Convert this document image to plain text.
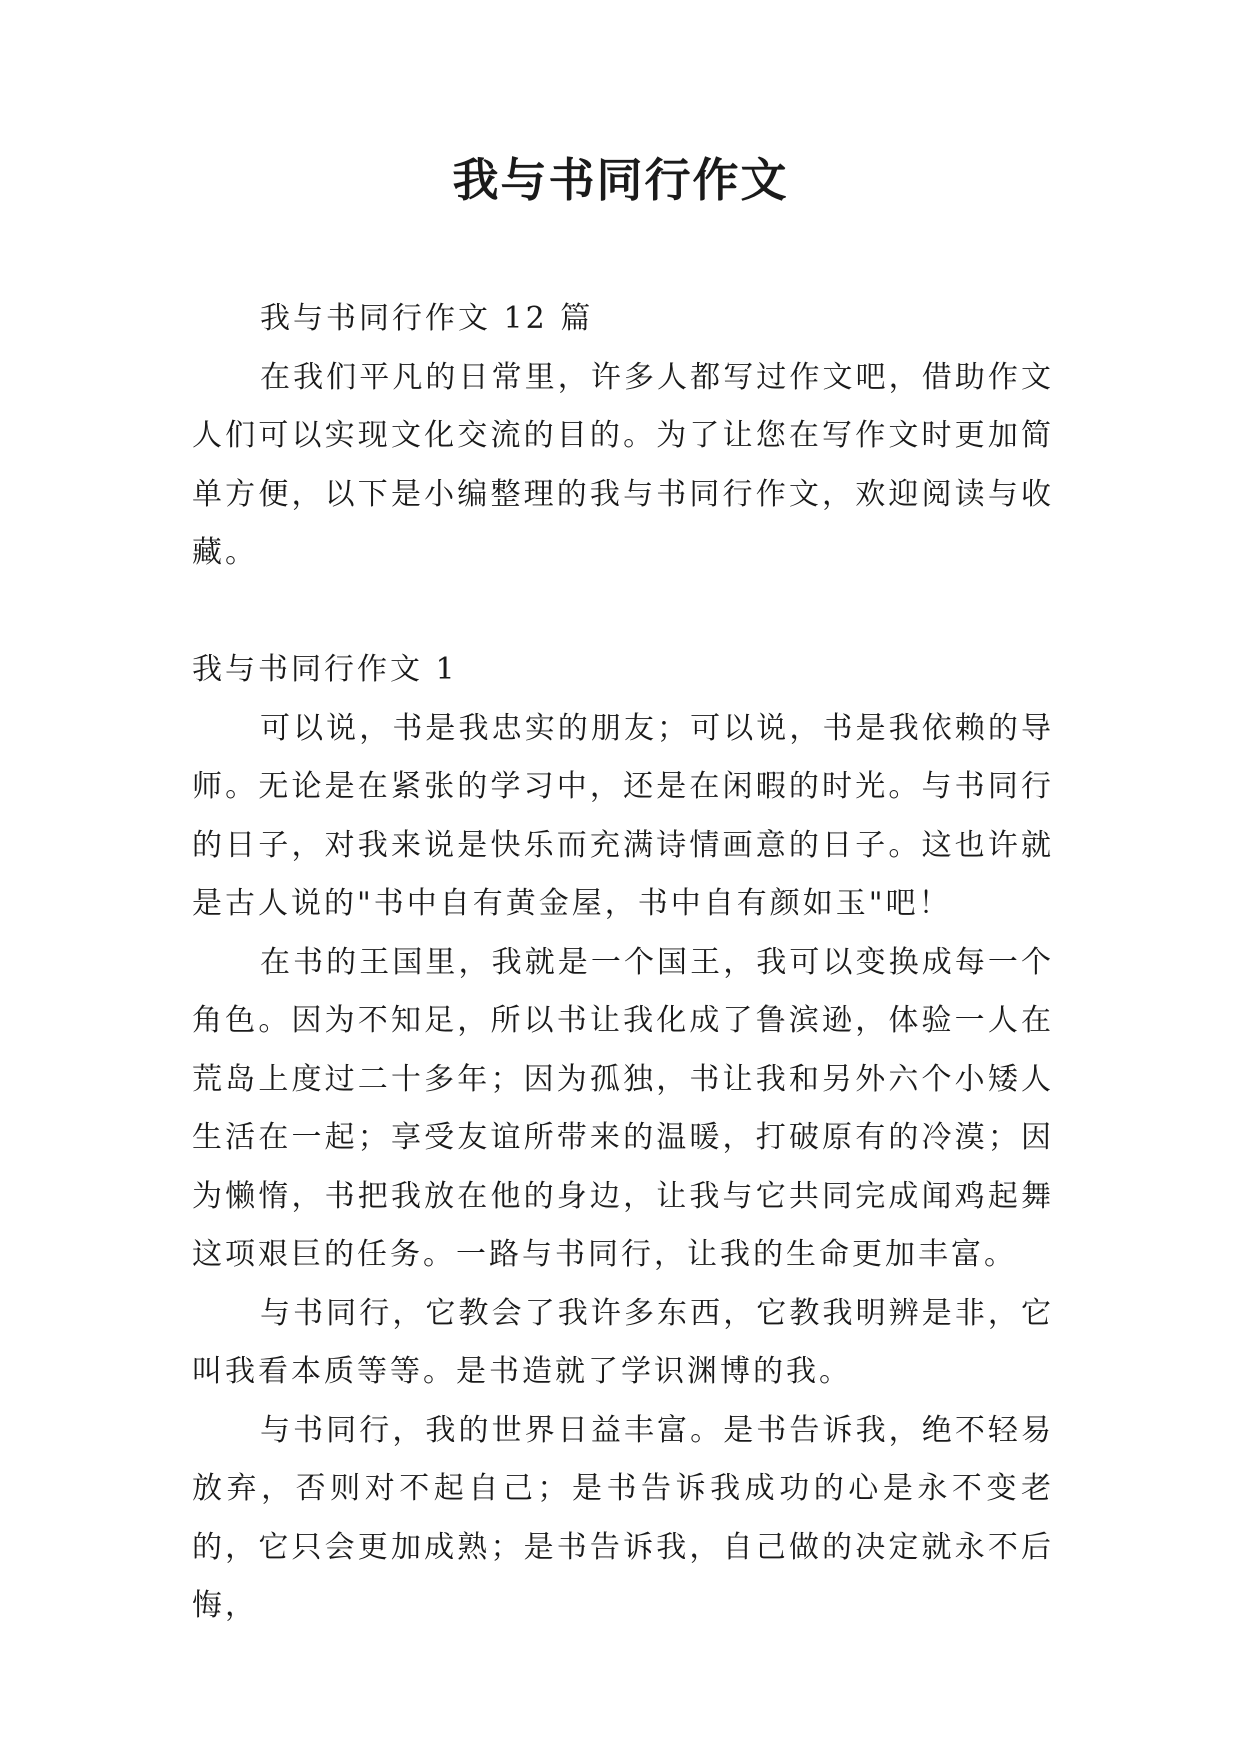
我与书同行作文

我与书同行作文 12 篇

在我们平凡的日常里，许多人都写过作文吧，借助作文人们可以实现文化交流的目的。为了让您在写作文时更加简单方便，以下是小编整理的我与书同行作文，欢迎阅读与收藏。

我与书同行作文 1

可以说，书是我忠实的朋友；可以说，书是我依赖的导师。无论是在紧张的学习中，还是在闲暇的时光。与书同行的日子，对我来说是快乐而充满诗情画意的日子。这也许就是古人说的"书中自有黄金屋，书中自有颜如玉"吧！

在书的王国里，我就是一个国王，我可以变换成每一个角色。因为不知足，所以书让我化成了鲁滨逊，体验一人在荒岛上度过二十多年；因为孤独，书让我和另外六个小矮人生活在一起；享受友谊所带来的温暖，打破原有的冷漠；因为懒惰，书把我放在他的身边，让我与它共同完成闻鸡起舞这项艰巨的任务。一路与书同行，让我的生命更加丰富。

与书同行，它教会了我许多东西，它教我明辨是非，它叫我看本质等等。是书造就了学识渊博的我。

与书同行，我的世界日益丰富。是书告诉我，绝不轻易放弃，否则对不起自己；是书告诉我成功的心是永不变老的，它只会更加成熟；是书告诉我，自己做的决定就永不后悔，
